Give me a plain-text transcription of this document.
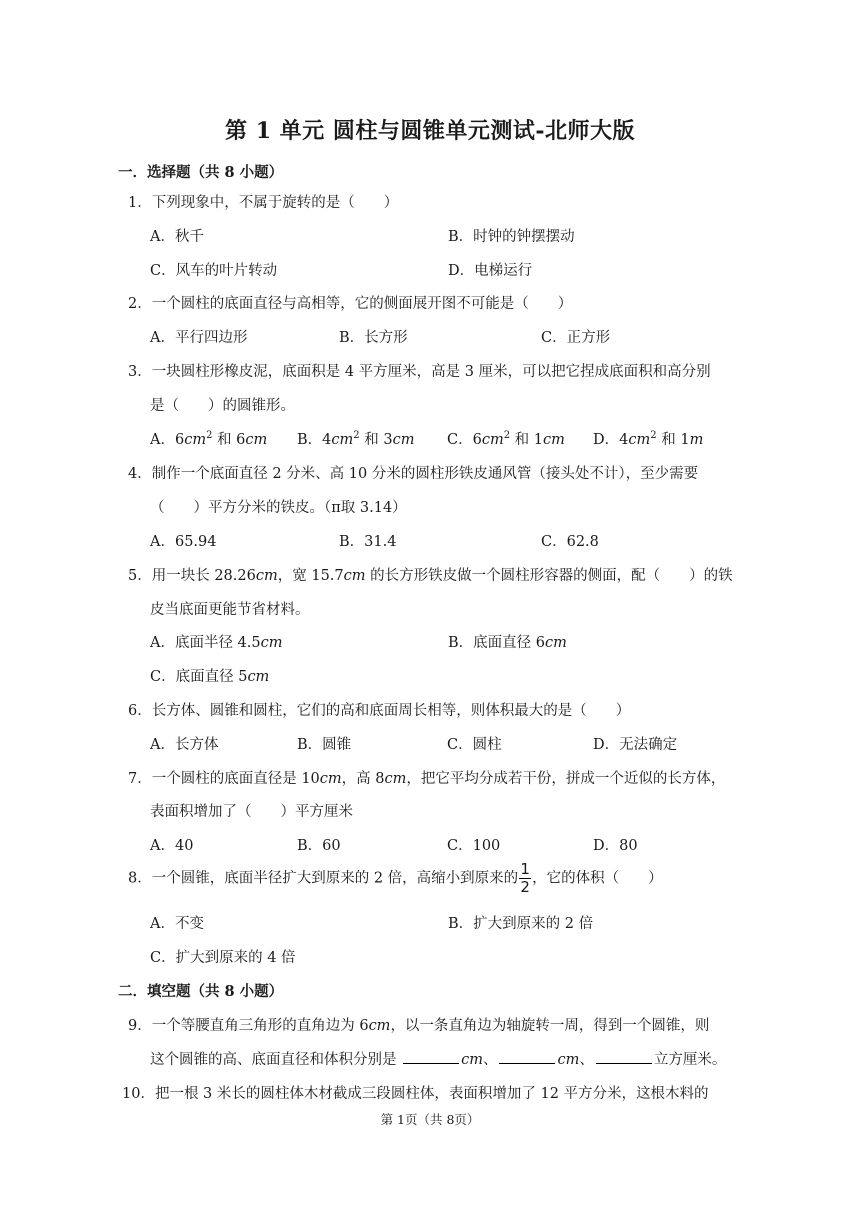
第 1 单元 圆柱与圆锥单元测试-北师大版
一．选择题（共 8 小题）
1．下列现象中，不属于旋转的是（　　）
A．秋千	B．时钟的钟摆摆动
C．风车的叶片转动	D．电梯运行
2．一个圆柱的底面直径与高相等，它的侧面展开图不可能是（　　）
A．平行四边形	B．长方形	C．正方形
3．一块圆柱形橡皮泥，底面积是 4 平方厘米，高是 3 厘米，可以把它捏成底面积和高分别
是（　　）的圆锥形。
A．$6cm^2$ 和 6cm B．$4cm^2$ 和 3cm C．$6cm^2$ 和 1cm D．$4cm^2$ 和 1m
4．制作一个底面直径 2 分米、高 10 分米的圆柱形铁皮通风管（接头处不计），至少需要
（　　）平方分米的铁皮。（π取 3.14）
A．65.94	B．31.4	C．62.8
5．用一块长 28.26cm，宽 15.7cm 的长方形铁皮做一个圆柱形容器的侧面，配（　　）的铁
皮当底面更能节省材料。
A．底面半径 4.5cm	B．底面直径 6cm
C．底面直径 5cm
6．长方体、圆锥和圆柱，它们的高和底面周长相等，则体积最大的是（　　）
A．长方体	B．圆锥	C．圆柱	D．无法确定
7．一个圆柱的底面直径是 10cm，高 8cm，把它平均分成若干份，拼成一个近似的长方体，
表面积增加了（　　）平方厘米
A．40	B．60	C．100	D．80
8．一个圆锥，底面半径扩大到原来的 2 倍，高缩小到原来的 $\frac{1}{2}$ ，它的体积（　　）
A．不变	B．扩大到原来的 2 倍
C．扩大到原来的 4 倍
二．填空题（共 8 小题）
9．一个等腰直角三角形的直角边为 6cm，以一条直角边为轴旋转一周，得到一个圆锥，则
这个圆锥的高、底面直径和体积分别是	cm、	cm、	立方厘米。
10．把一根 3 米长的圆柱体木材截成三段圆柱体，表面积增加了 12 平方分米，这根木料的
第 1页（共 8页）
